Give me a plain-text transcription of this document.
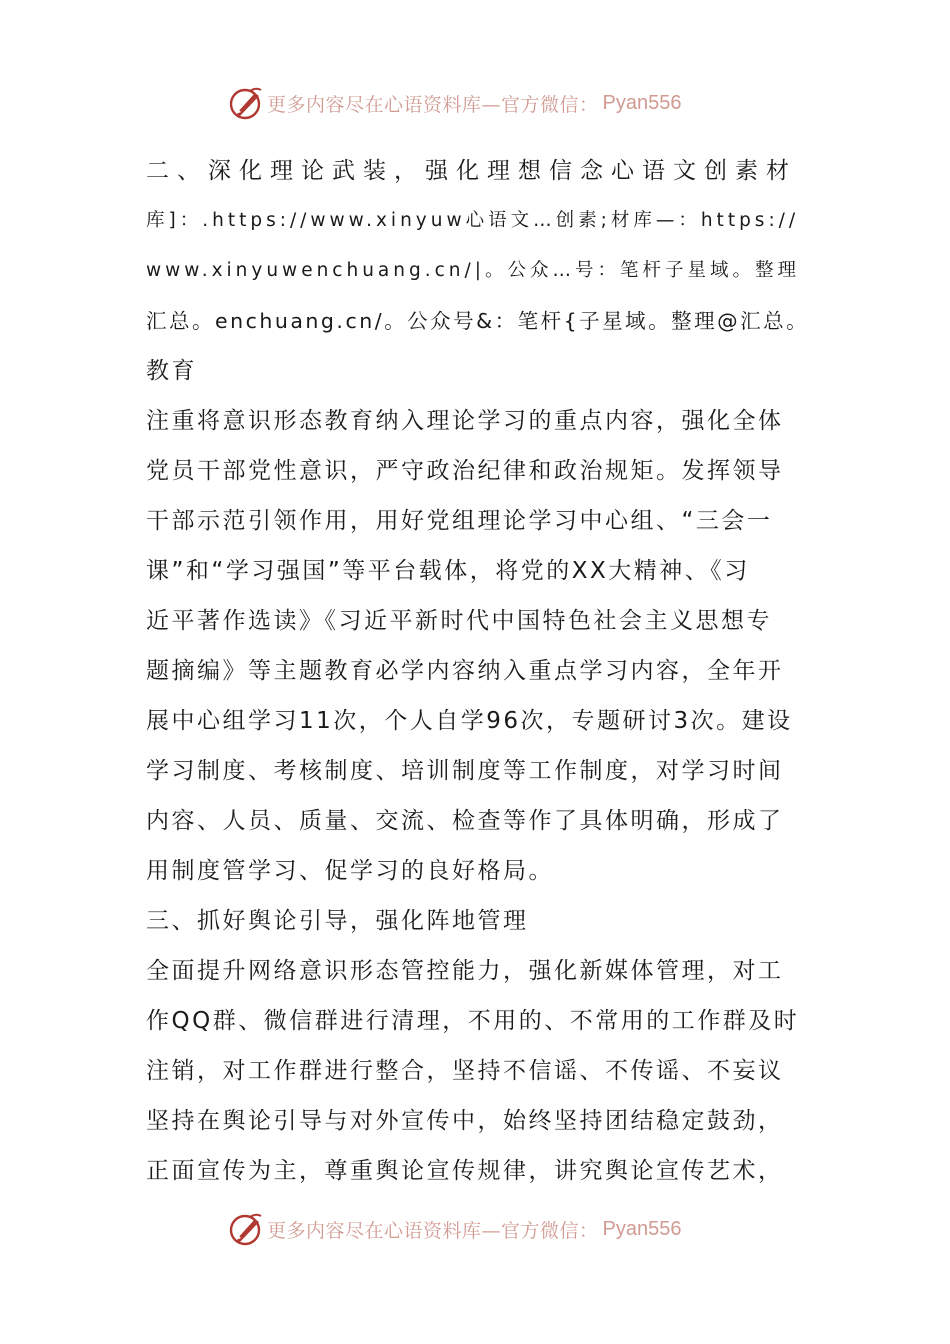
更多内容尽在心语资料库—官方微信： Pyan556
二、深化理论武装，强化理想信念心语文创素材
库]：.https://www.xinyuw心语文…创素;材库—：https://
www.xinyuwenchuang.cn/|。公众…号：笔杆子星域。整理
汇总。enchuang.cn/。公众号&：笔杆{子星域。整理@汇总。
教育
注重将意识形态教育纳入理论学习的重点内容，强化全体
党员干部党性意识，严守政治纪律和政治规矩。发挥领导
干部示范引领作用，用好党组理论学习中心组、“三会一
课”和“学习强国”等平台载体，将党的XX大精神、《习
近平著作选读》《习近平新时代中国特色社会主义思想专
题摘编》等主题教育必学内容纳入重点学习内容，全年开
展中心组学习11次，个人自学96次，专题研讨3次。建设
学习制度、考核制度、培训制度等工作制度，对学习时间
内容、人员、质量、交流、检查等作了具体明确，形成了
用制度管学习、促学习的良好格局。
三、抓好舆论引导，强化阵地管理
全面提升网络意识形态管控能力，强化新媒体管理，对工
作QQ群、微信群进行清理，不用的、不常用的工作群及时
注销，对工作群进行整合，坚持不信谣、不传谣、不妄议
坚持在舆论引导与对外宣传中，始终坚持团结稳定鼓劲，
正面宣传为主，尊重舆论宣传规律，讲究舆论宣传艺术，
更多内容尽在心语资料库—官方微信： Pyan556
